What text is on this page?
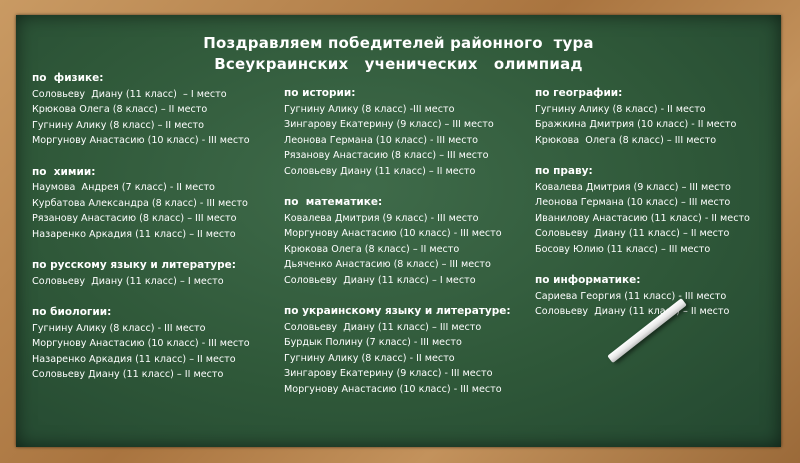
Поздравляем победителей районного  тура
Всеукраинских   ученических   олимпиад
по  физике:
Соловьеву  Диану (11 класс)  – I место
Крюкова Олега (8 класс) – II место
Гугнину Алику (8 класс) – II место
Моргунову Анастасию (10 класс) - III место
по  химии:
Наумова  Андрея (7 класс) - II место
Курбатова Александра (8 класс) - III место
Рязанову Анастасию (8 класс) – III место
Назаренко Аркадия (11 класс) – II место
по русскому языку и литературе:
Соловьеву  Диану (11 класс) – I место
по биологии:
Гугнину Алику (8 класс) - III место
Моргунову Анастасию (10 класс) - III место
Назаренко Аркадия (11 класс) – II место
Соловьеву Диану (11 класс) – II место
по истории:
Гугнину Алику (8 класс) -III место
Зингарову Екатерину (9 класс) – III место
Леонова Германа (10 класс) - III место
Рязанову Анастасию (8 класс) – III место
Соловьеву Диану (11 класс) – II место
по  математике:
Ковалева Дмитрия (9 класс) - III место
Моргунову Анастасию (10 класс) - III место
Крюкова Олега (8 класс) – II место
Дьяченко Анастасию (8 класс) – III место
Соловьеву  Диану (11 класс) – I место
по украинскому языку и литературе:
Соловьеву  Диану (11 класс) – III место
Бурдык Полину (7 класс) - III место
Гугнину Алику (8 класс) - II место
Зингарову Екатерину (9 класс) - III место
Моргунову Анастасию (10 класс) - III место
по географии:
Гугнину Алику (8 класс) - II место
Бражкина Дмитрия (10 класс) - II место
Крюкова  Олега (8 класс) – III место
по праву:
Ковалева Дмитрия (9 класс) – III место
Леонова Германа (10 класс) – III место
Иванилову Анастасию (11 класс) - II место
Соловьеву  Диану (11 класс) – II место
Босову Юлию (11 класс) – III место
по информатике:
Сариева Георгия (11 класс) - III место
Соловьеву  Диану (11 класс) – II место
